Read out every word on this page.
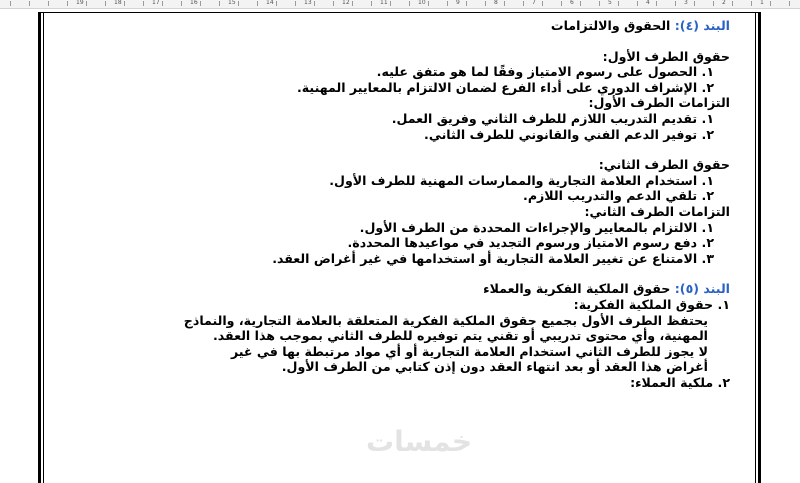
1
2
3
4
5
6
7
8
9
10
11
12
13
14
15
16
17
18
19
البند (٤): الحقوق والالتزامات
حقوق الطرف الأول:
١. الحصول على رسوم الامتياز وفقًا لما هو متفق عليه.
٢. الإشراف الدوري على أداء الفرع لضمان الالتزام بالمعايير المهنية.
التزامات الطرف الأول:
١. تقديم التدريب اللازم للطرف الثاني وفريق العمل.
٢. توفير الدعم الفني والقانوني للطرف الثاني.
حقوق الطرف الثاني:
١. استخدام العلامة التجارية والممارسات المهنية للطرف الأول.
٢. تلقي الدعم والتدريب اللازم.
التزامات الطرف الثاني:
١. الالتزام بالمعايير والإجراءات المحددة من الطرف الأول.
٢. دفع رسوم الامتياز ورسوم التجديد في مواعيدها المحددة.
٣. الامتناع عن تغيير العلامة التجارية أو استخدامها في غير أغراض العقد.
البند (٥): حقوق الملكية الفكرية والعملاء
١. حقوق الملكية الفكرية:
يحتفظ الطرف الأول بجميع حقوق الملكية الفكرية المتعلقة بالعلامة التجارية، والنماذج
المهنية، وأي محتوى تدريبي أو تقني يتم توفيره للطرف الثاني بموجب هذا العقد.
لا يجوز للطرف الثاني استخدام العلامة التجارية أو أي مواد مرتبطة بها في غير
أغراض هذا العقد أو بعد انتهاء العقد دون إذن كتابي من الطرف الأول.
٢. ملكية العملاء:
خمسات
